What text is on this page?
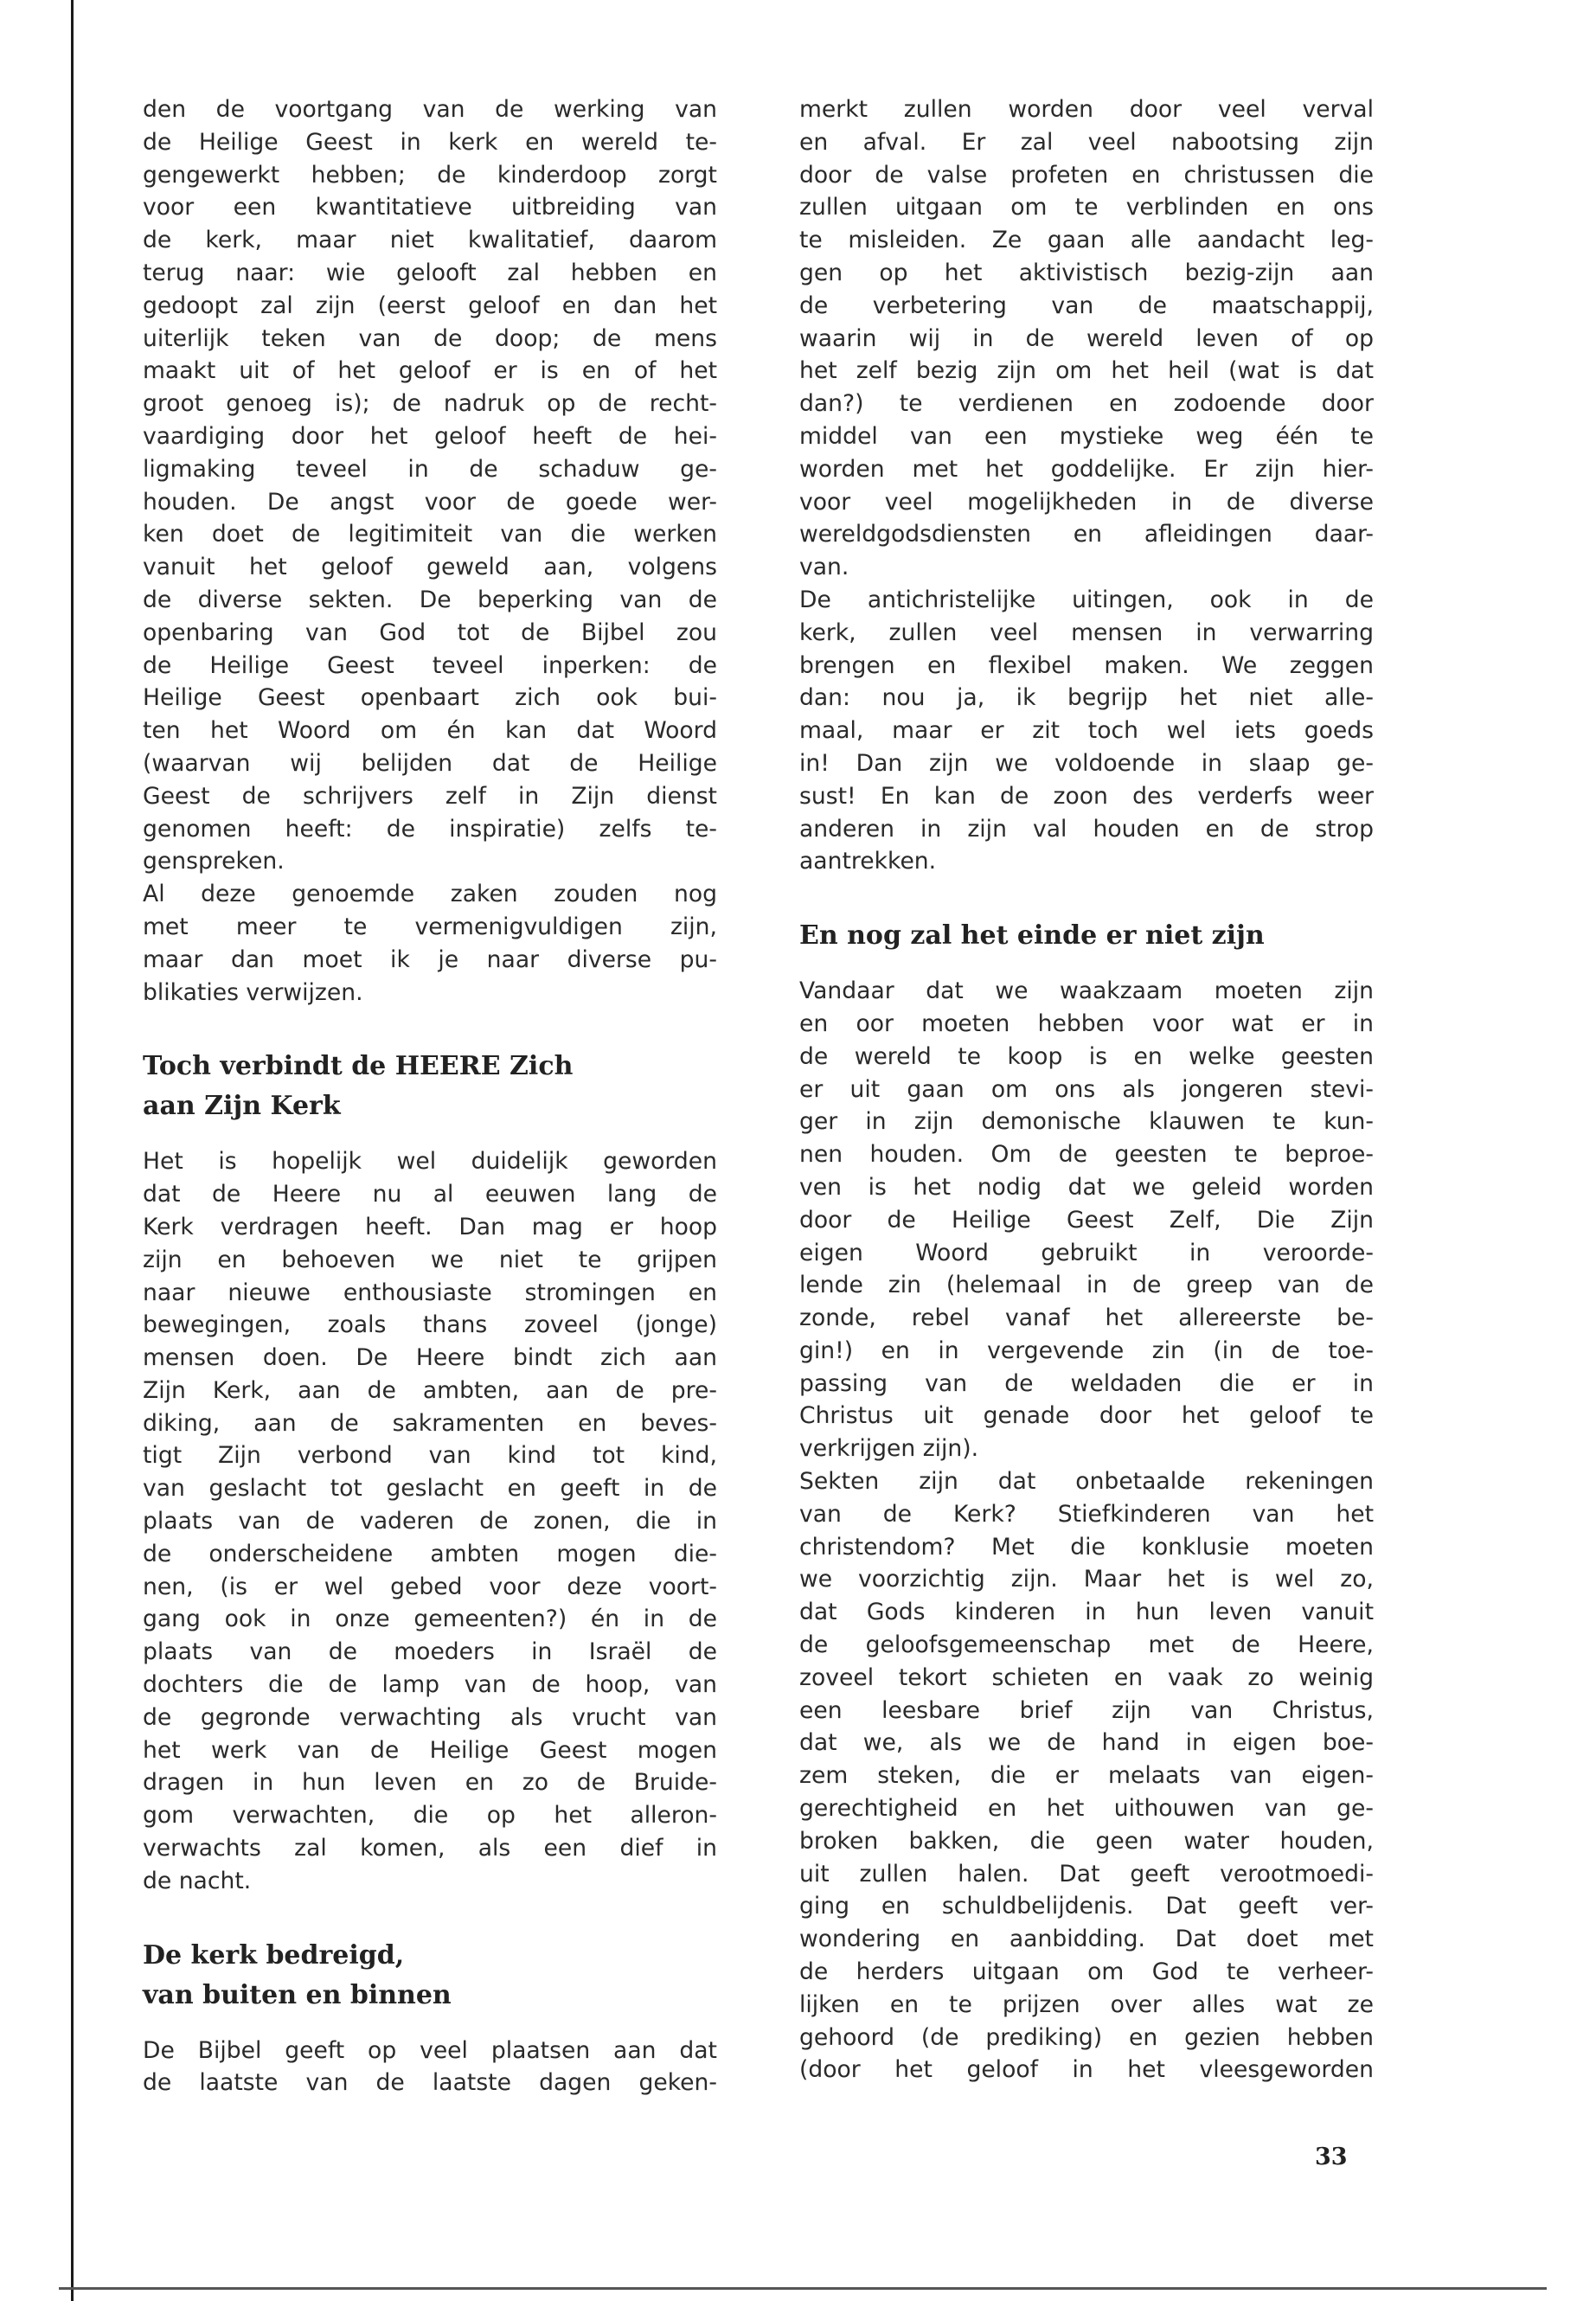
den de voortgang van de werking van

de Heilige Geest in kerk en wereld te-

gengewerkt hebben; de kinderdoop zorgt

voor een kwantitatieve uitbreiding van

de kerk, maar niet kwalitatief, daarom

terug naar: wie gelooft zal hebben en

gedoopt zal zijn (eerst geloof en dan het

uiterlijk teken van de doop; de mens

maakt uit of het geloof er is en of het

groot genoeg is); de nadruk op de recht-

vaardiging door het geloof heeft de hei-

ligmaking teveel in de schaduw ge-

houden. De angst voor de goede wer-

ken doet de legitimiteit van die werken

vanuit het geloof geweld aan, volgens

de diverse sekten. De beperking van de

openbaring van God tot de Bijbel zou

de Heilige Geest teveel inperken: de

Heilige Geest openbaart zich ook bui-

ten het Woord om én kan dat Woord

(waarvan wij belijden dat de Heilige

Geest de schrijvers zelf in Zijn dienst

genomen heeft: de inspiratie) zelfs te-

genspreken.

Al deze genoemde zaken zouden nog

met meer te vermenigvuldigen zijn,

maar dan moet ik je naar diverse pu-

blikaties verwijzen.

Toch verbindt de HEERE Zich
aan Zijn Kerk

Het is hopelijk wel duidelijk geworden

dat de Heere nu al eeuwen lang de

Kerk verdragen heeft. Dan mag er hoop

zijn en behoeven we niet te grijpen

naar nieuwe enthousiaste stromingen en

bewegingen, zoals thans zoveel (jonge)

mensen doen. De Heere bindt zich aan

Zijn Kerk, aan de ambten, aan de pre-

diking, aan de sakramenten en beves-

tigt Zijn verbond van kind tot kind,

van geslacht tot geslacht en geeft in de

plaats van de vaderen de zonen, die in

de onderscheidene ambten mogen die-

nen, (is er wel gebed voor deze voort-

gang ook in onze gemeenten?) én in de

plaats van de moeders in Israël de

dochters die de lamp van de hoop, van

de gegronde verwachting als vrucht van

het werk van de Heilige Geest mogen

dragen in hun leven en zo de Bruide-

gom verwachten, die op het alleron-

verwachts zal komen, als een dief in

de nacht.

De kerk bedreigd,
van buiten en binnen

De Bijbel geeft op veel plaatsen aan dat

de laatste van de laatste dagen geken-

merkt zullen worden door veel verval

en afval. Er zal veel nabootsing zijn

door de valse profeten en christussen die

zullen uitgaan om te verblinden en ons

te misleiden. Ze gaan alle aandacht leg-

gen op het aktivistisch bezig-zijn aan

de verbetering van de maatschappij,

waarin wij in de wereld leven of op

het zelf bezig zijn om het heil (wat is dat

dan?) te verdienen en zodoende door

middel van een mystieke weg één te

worden met het goddelijke. Er zijn hier-

voor veel mogelijkheden in de diverse

wereldgodsdiensten en afleidingen daar-

van.

De antichristelijke uitingen, ook in de

kerk, zullen veel mensen in verwarring

brengen en flexibel maken. We zeggen

dan: nou ja, ik begrijp het niet alle-

maal, maar er zit toch wel iets goeds

in! Dan zijn we voldoende in slaap ge-

sust! En kan de zoon des verderfs weer

anderen in zijn val houden en de strop

aantrekken.

En nog zal het einde er niet zijn

Vandaar dat we waakzaam moeten zijn

en oor moeten hebben voor wat er in

de wereld te koop is en welke geesten

er uit gaan om ons als jongeren stevi-

ger in zijn demonische klauwen te kun-

nen houden. Om de geesten te beproe-

ven is het nodig dat we geleid worden

door de Heilige Geest Zelf, Die Zijn

eigen Woord gebruikt in veroorde-

lende zin (helemaal in de greep van de

zonde, rebel vanaf het allereerste be-

gin!) en in vergevende zin (in de toe-

passing van de weldaden die er in

Christus uit genade door het geloof te

verkrijgen zijn).

Sekten zijn dat onbetaalde rekeningen

van de Kerk? Stiefkinderen van het

christendom? Met die konklusie moeten

we voorzichtig zijn. Maar het is wel zo,

dat Gods kinderen in hun leven vanuit

de geloofsgemeenschap met de Heere,

zoveel tekort schieten en vaak zo weinig

een leesbare brief zijn van Christus,

dat we, als we de hand in eigen boe-

zem steken, die er melaats van eigen-

gerechtigheid en het uithouwen van ge-

broken bakken, die geen water houden,

uit zullen halen. Dat geeft verootmoedi-

ging en schuldbelijdenis. Dat geeft ver-

wondering en aanbidding. Dat doet met

de herders uitgaan om God te verheer-

lijken en te prijzen over alles wat ze

gehoord (de prediking) en gezien hebben

(door het geloof in het vleesgeworden

33
